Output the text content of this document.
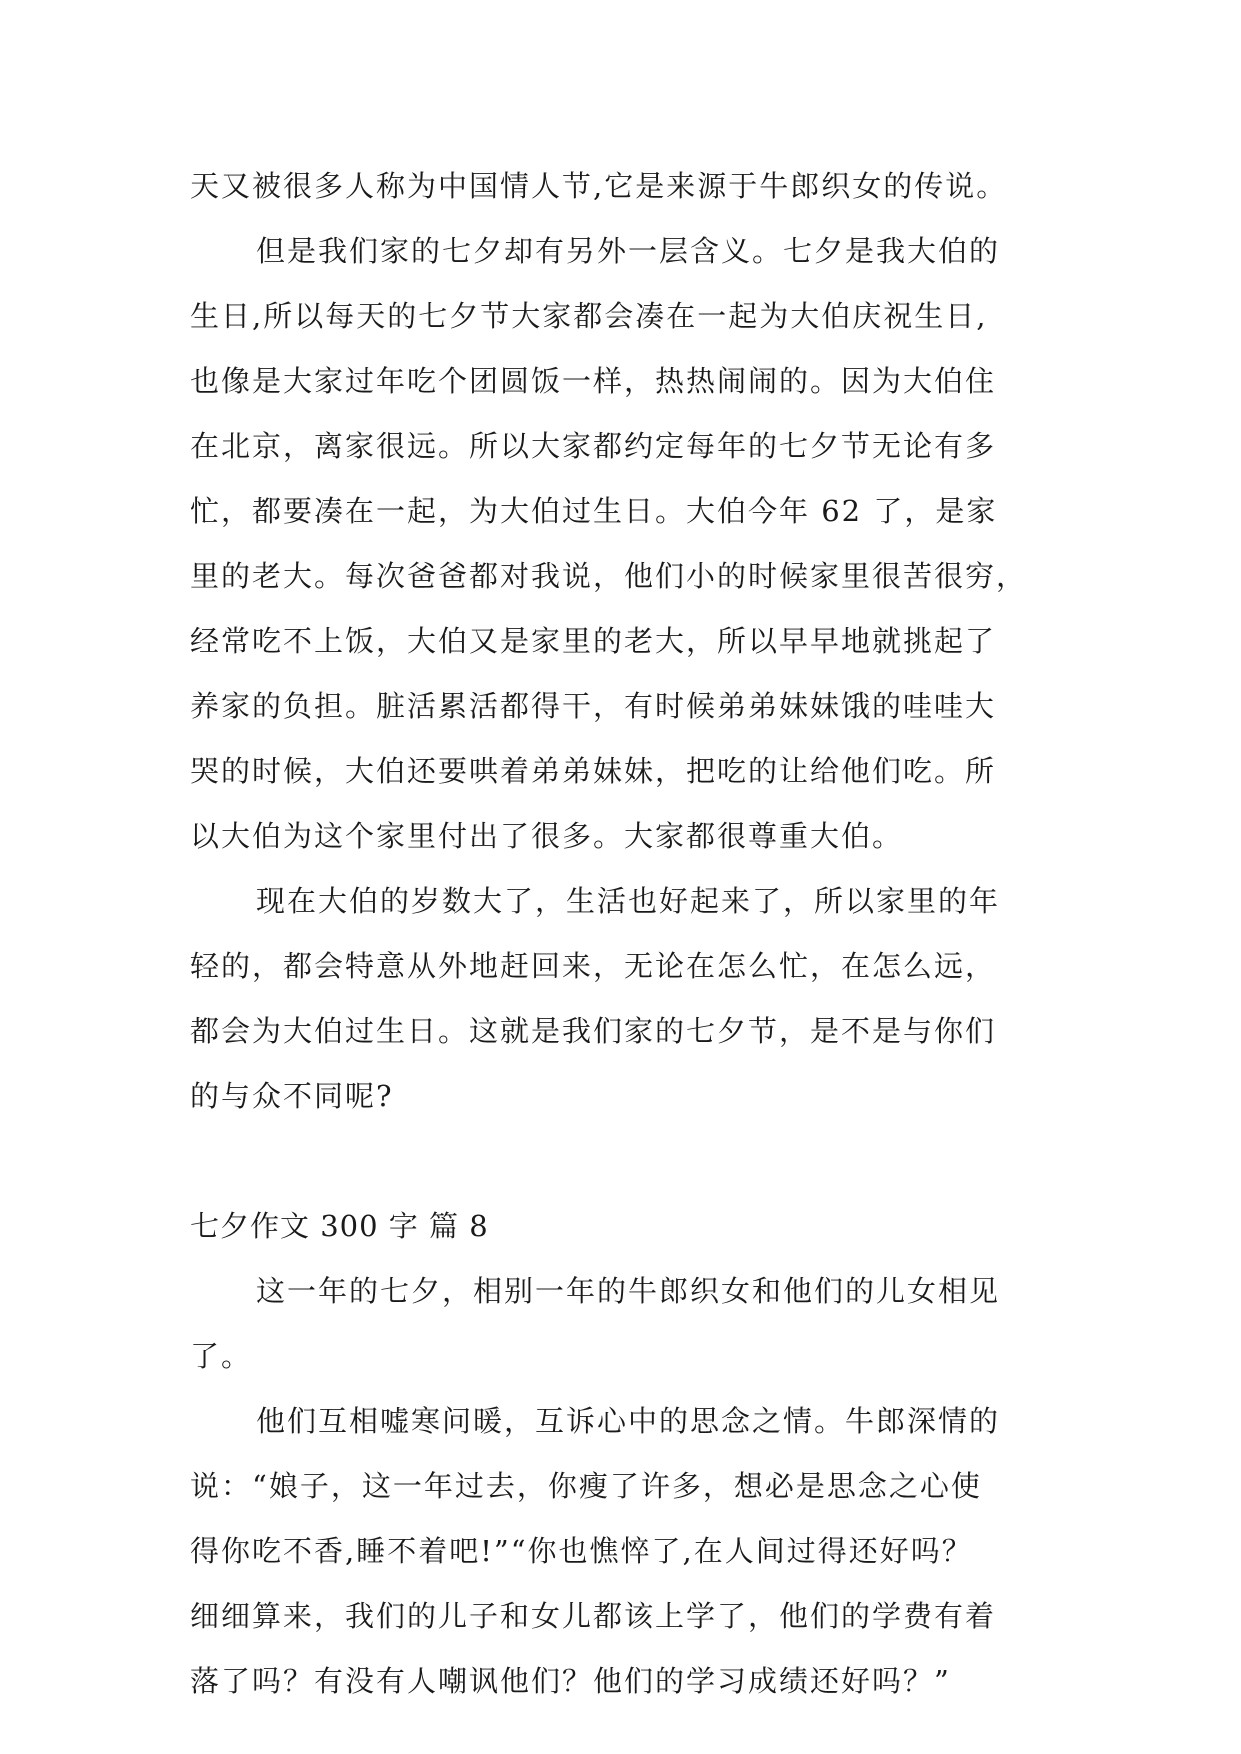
天又被很多人称为中国情人节,它是来源于牛郎织女的传说。
但是我们家的七夕却有另外一层含义。七夕是我大伯的
生日,所以每天的七夕节大家都会凑在一起为大伯庆祝生日,
也像是大家过年吃个团圆饭一样，热热闹闹的。因为大伯住
在北京，离家很远。所以大家都约定每年的七夕节无论有多
忙，都要凑在一起，为大伯过生日。大伯今年 62 了，是家
里的老大。每次爸爸都对我说，他们小的时候家里很苦很穷，
经常吃不上饭，大伯又是家里的老大，所以早早地就挑起了
养家的负担。脏活累活都得干，有时候弟弟妹妹饿的哇哇大
哭的时候，大伯还要哄着弟弟妹妹，把吃的让给他们吃。所
以大伯为这个家里付出了很多。大家都很尊重大伯。
现在大伯的岁数大了，生活也好起来了，所以家里的年
轻的，都会特意从外地赶回来，无论在怎么忙，在怎么远，
都会为大伯过生日。这就是我们家的七夕节，是不是与你们
的与众不同呢?
七夕作文 300 字 篇 8
这一年的七夕，相别一年的牛郎织女和他们的儿女相见
了。
他们互相嘘寒问暖，互诉心中的思念之情。牛郎深情的
说：“娘子，这一年过去，你瘦了许多，想必是思念之心使
得你吃不香,睡不着吧!”“你也憔悴了,在人间过得还好吗？
细细算来，我们的儿子和女儿都该上学了，他们的学费有着
落了吗？有没有人嘲讽他们？他们的学习成绩还好吗？”
